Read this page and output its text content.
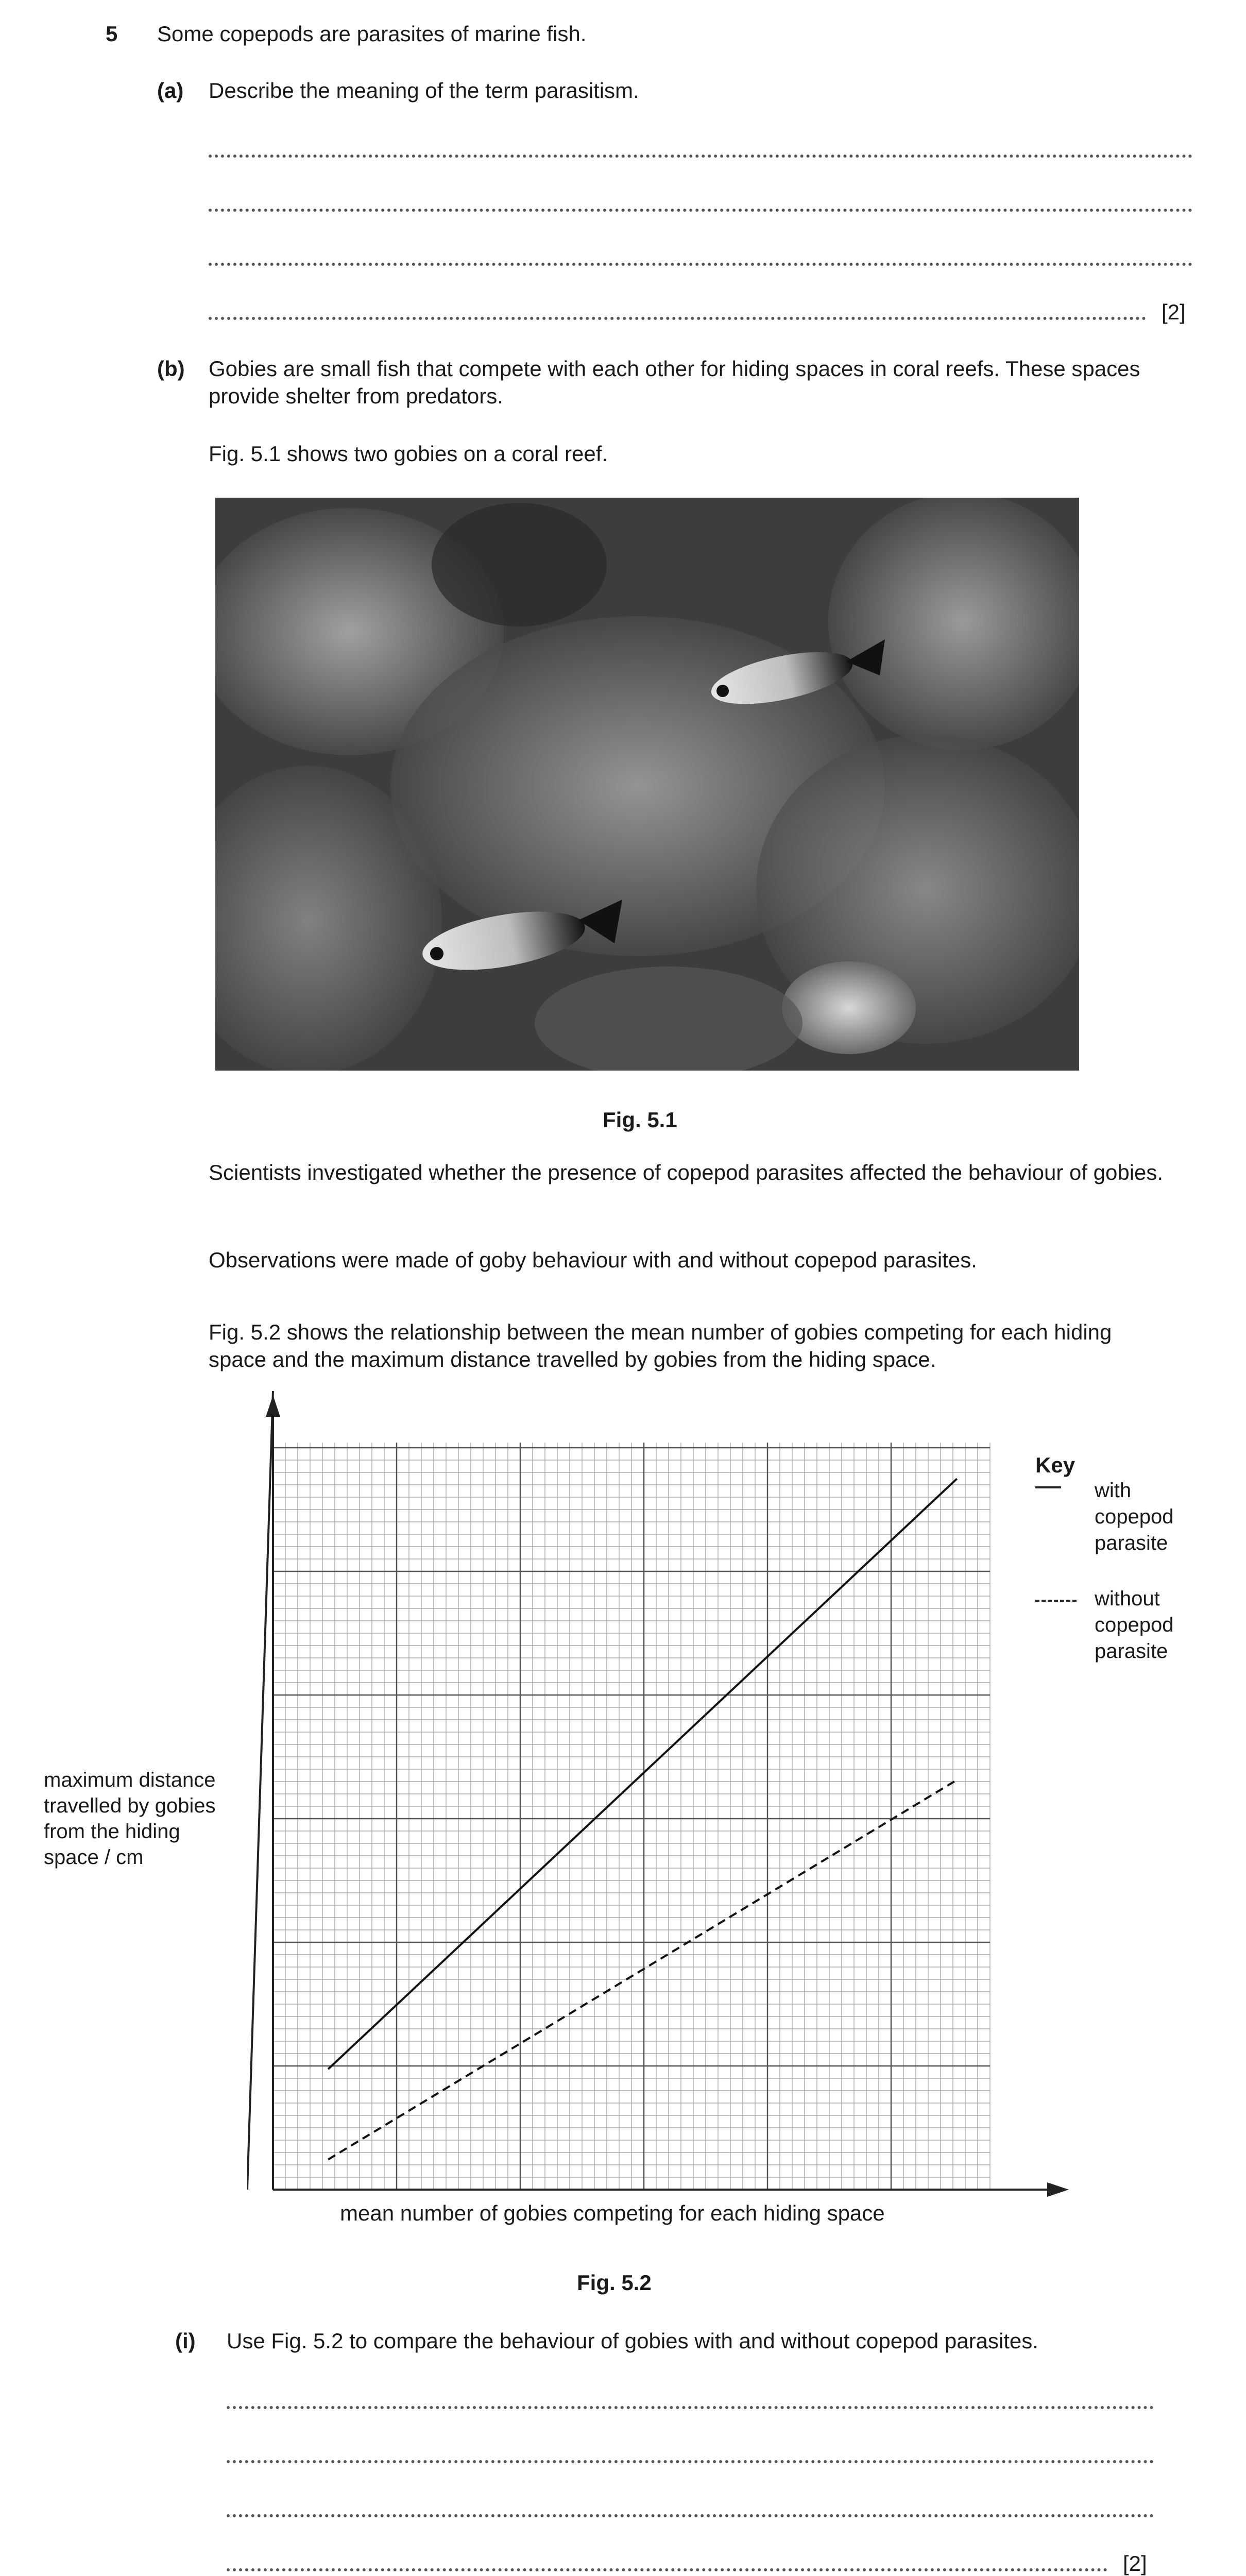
5 Some copepods are parasites of marine fish.
(a) Describe the meaning of the term parasitism.
[2]
(b) Gobies are small fish that compete with each other for hiding spaces in coral reefs. These spaces provide shelter from predators.
Fig. 5.1 shows two gobies on a coral reef.
Fig. 5.1
Scientists investigated whether the presence of copepod parasites affected the behaviour of gobies.
Observations were made of goby behaviour with and without copepod parasites.
Fig. 5.2 shows the relationship between the mean number of gobies competing for each hiding space and the maximum distance travelled by gobies from the hiding space.
maximum distance travelled by gobies from the hiding space / cm
Key
with copepod parasite
without copepod parasite
mean number of gobies competing for each hiding space
Fig. 5.2
(i) Use Fig. 5.2 to compare the behaviour of gobies with and without copepod parasites.
[2]
